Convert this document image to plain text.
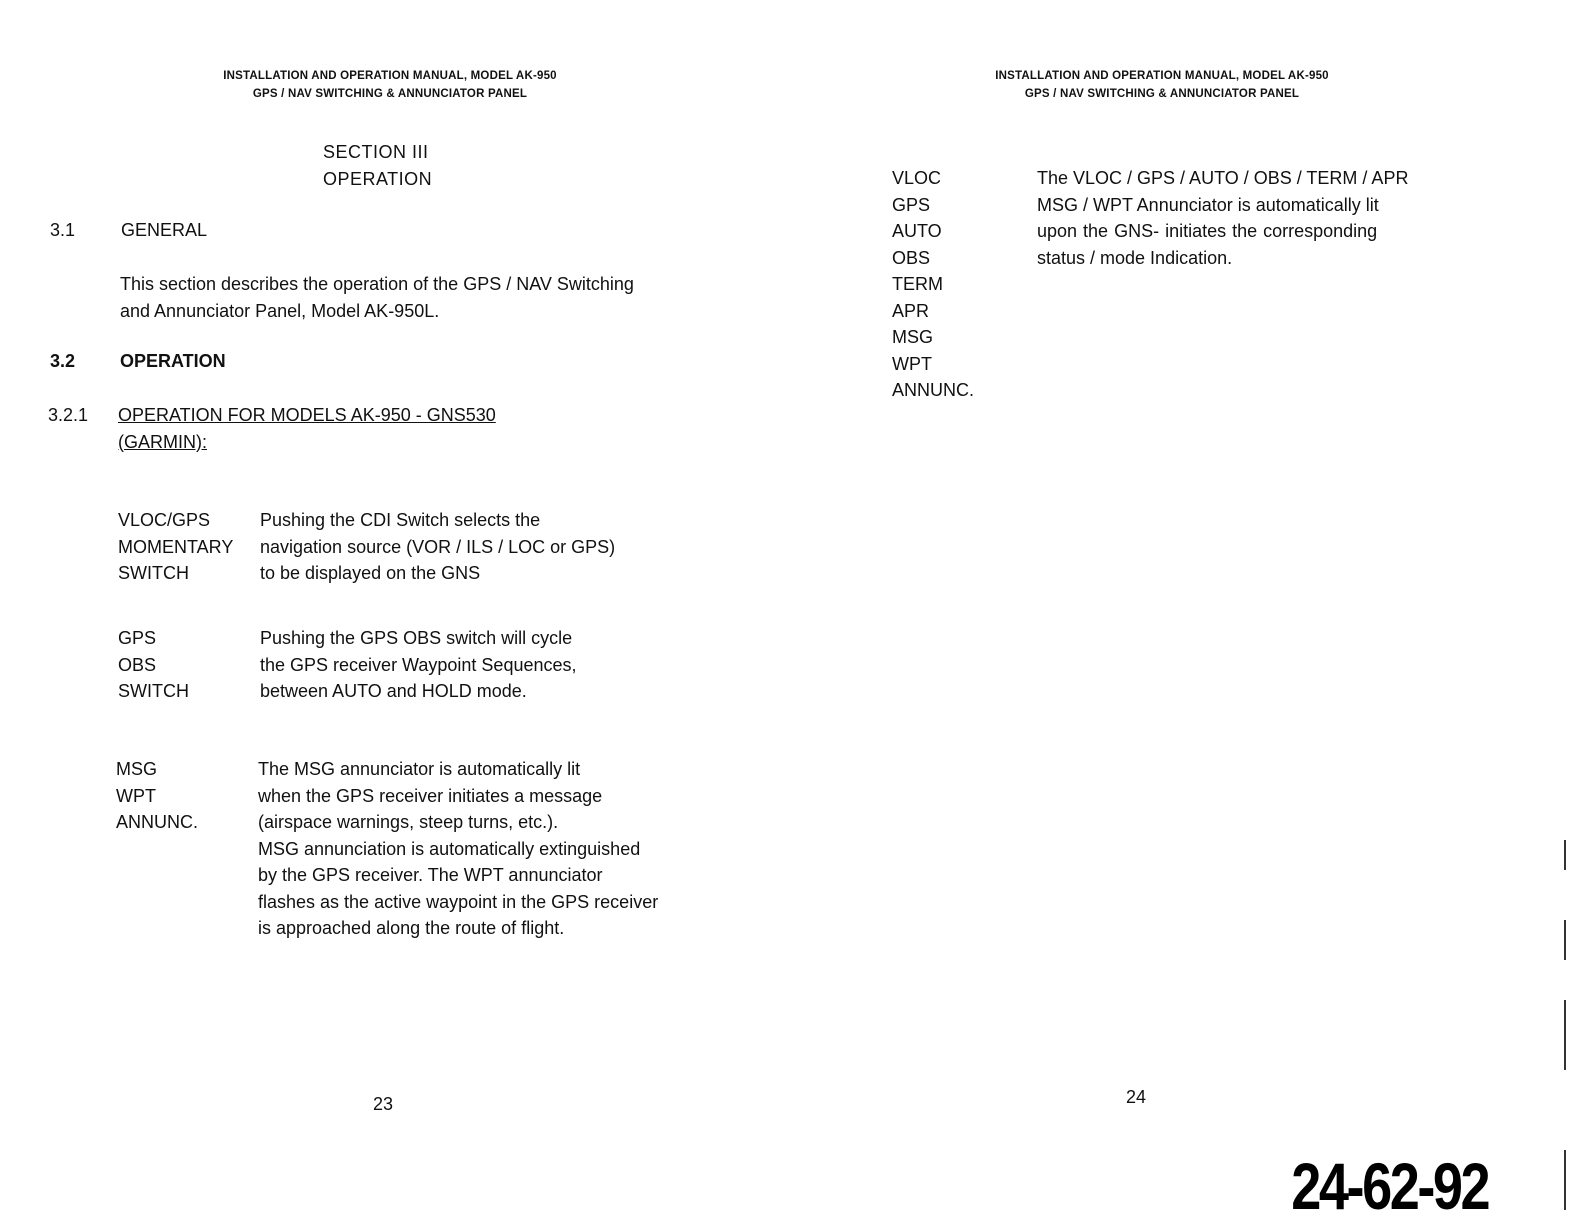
INSTALLATION AND OPERATION MANUAL, MODEL AK-950
GPS / NAV SWITCHING & ANNUNCIATOR PANEL
SECTION III
OPERATION
3.1	GENERAL
This section describes the operation of the GPS / NAV Switching
and Annunciator Panel, Model AK-950L.
3.2 OPERATION
3.2.1 OPERATION FOR MODELS AK-950 - GNS530
(GARMIN):
VLOC/GPS
MOMENTARY
SWITCH
Pushing the CDI Switch selects the
navigation source (VOR / ILS / LOC or GPS)
to be displayed on the GNS
GPS
OBS
SWITCH
Pushing the GPS OBS switch will cycle
the GPS receiver Waypoint Sequences,
between AUTO and HOLD mode.
MSG
WPT
ANNUNC.
The MSG annunciator is automatically lit
when the GPS receiver initiates a message
(airspace warnings, steep turns, etc.).
MSG annunciation is automatically extinguished
by the GPS receiver. The WPT annunciator
flashes as the active waypoint in the GPS receiver
is approached along the route of flight.
23
INSTALLATION AND OPERATION MANUAL, MODEL AK-950
GPS / NAV SWITCHING & ANNUNCIATOR PANEL
VLOC
GPS
AUTO
OBS
TERM
APR
MSG
WPT
ANNUNC.
The VLOC / GPS / AUTO / OBS / TERM / APR
MSG / WPT Annunciator is automatically lit
upon the GNS- initiates the corresponding
status / mode Indication.
24
24-62-92
